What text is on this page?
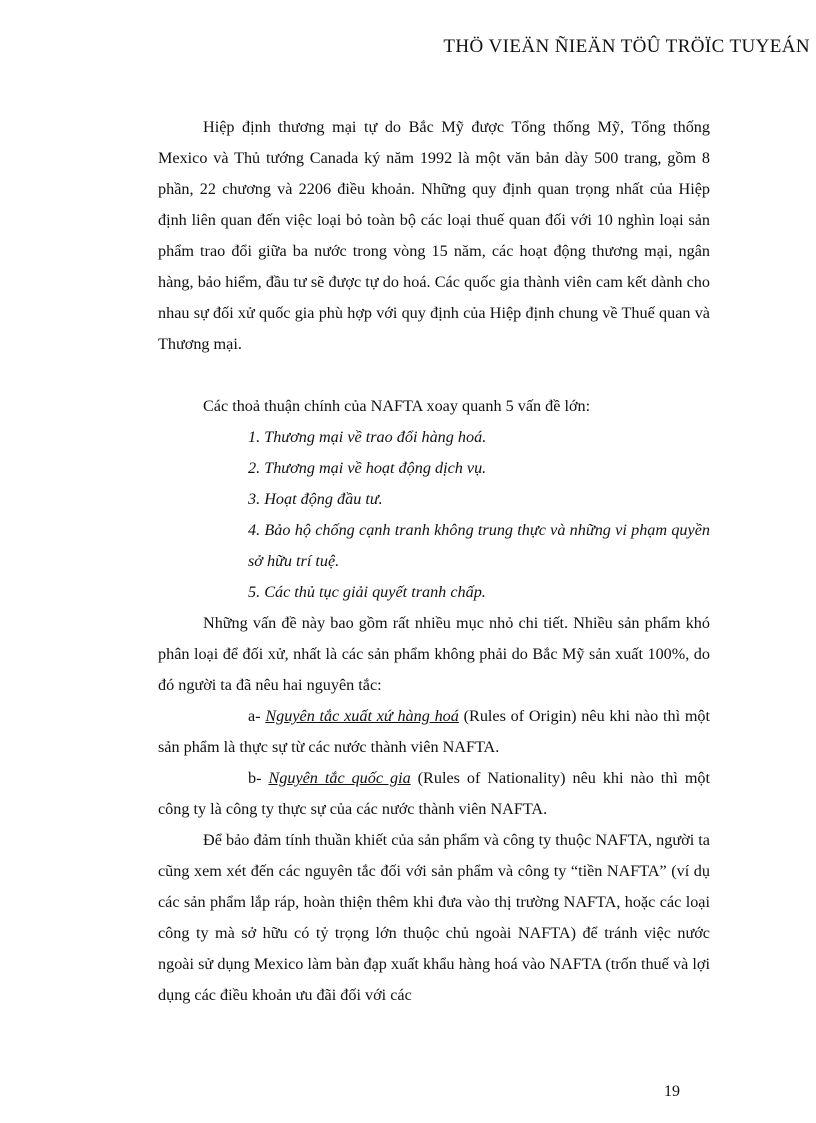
THÖ VIEÄN ÑIEÄN TÖÛ TRÖÏC TUYEÁN

Hiệp định thương mại tự do Bắc Mỹ được Tổng thống Mỹ, Tổng thống Mexico và Thủ tướng Canada ký năm 1992 là một văn bản dày 500 trang, gồm 8 phần, 22 chương và 2206 điều khoản. Những quy định quan trọng nhất của Hiệp định liên quan đến việc loại bỏ toàn bộ các loại thuế quan đối với 10 nghìn loại sản phẩm trao đổi giữa ba nước trong vòng 15 năm, các hoạt động thương mại, ngân hàng, bảo hiểm, đầu tư sẽ được tự do hoá. Các quốc gia thành viên cam kết dành cho nhau sự đối xử quốc gia phù hợp với quy định của Hiệp định chung về Thuế quan và Thương mại.

Các thoả thuận chính của NAFTA xoay quanh 5 vấn đề lớn:

1. Thương mại về trao đổi hàng hoá.
2. Thương mại về hoạt động dịch vụ.
3. Hoạt động đầu tư.
4. Bảo hộ chống cạnh tranh không trung thực và những vi phạm quyền sở hữu trí tuệ.
5. Các thủ tục giải quyết tranh chấp.

Những vấn đề này bao gồm rất nhiều mục nhỏ chi tiết. Nhiều sản phẩm khó phân loại để đối xử, nhất là các sản phẩm không phải do Bắc Mỹ sản xuất 100%, do đó người ta đã nêu hai nguyên tắc:

a- Nguyên tắc xuất xứ hàng hoá (Rules of Origin) nêu khi nào thì một sản phẩm là thực sự từ các nước thành viên NAFTA.

b- Nguyên tắc quốc gia (Rules of Nationality) nêu khi nào thì một công ty là công ty thực sự của các nước thành viên NAFTA.

Để bảo đảm tính thuần khiết của sản phẩm và công ty thuộc NAFTA, người ta cũng xem xét đến các nguyên tắc đối với sản phẩm và công ty “tiền NAFTA” (ví dụ các sản phẩm lắp ráp, hoàn thiện thêm khi đưa vào thị trường NAFTA, hoặc các loại công ty mà sở hữu có tỷ trọng lớn thuộc chủ ngoài NAFTA) để tránh việc nước ngoài sử dụng Mexico làm bàn đạp xuất khẩu hàng hoá vào NAFTA (trốn thuế và lợi dụng các điều khoản ưu đãi đối với các

19
